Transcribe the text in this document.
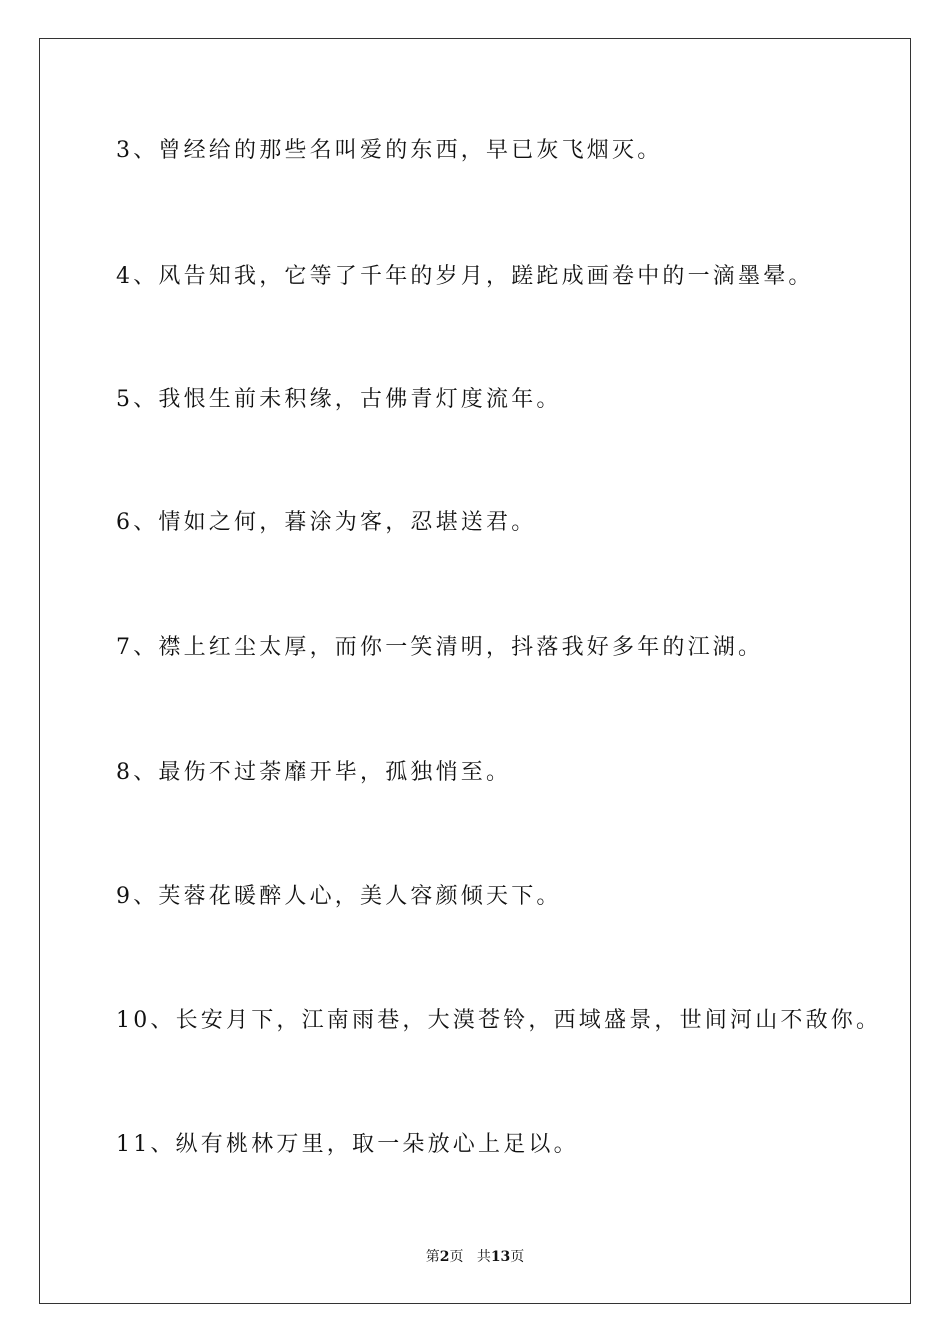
3、曾经给的那些名叫爱的东西，早已灰飞烟灭。
4、风告知我，它等了千年的岁月，蹉跎成画卷中的一滴墨晕。
5、我恨生前未积缘，古佛青灯度流年。
6、情如之何，暮涂为客，忍堪送君。
7、襟上红尘太厚，而你一笑清明，抖落我好多年的江湖。
8、最伤不过荼靡开毕，孤独悄至。
9、芙蓉花暖醉人心，美人容颜倾天下。
10、长安月下，江南雨巷，大漠苍铃，西域盛景，世间河山不敌你。
11、纵有桃林万里，取一朵放心上足以。
第2页 共13页
